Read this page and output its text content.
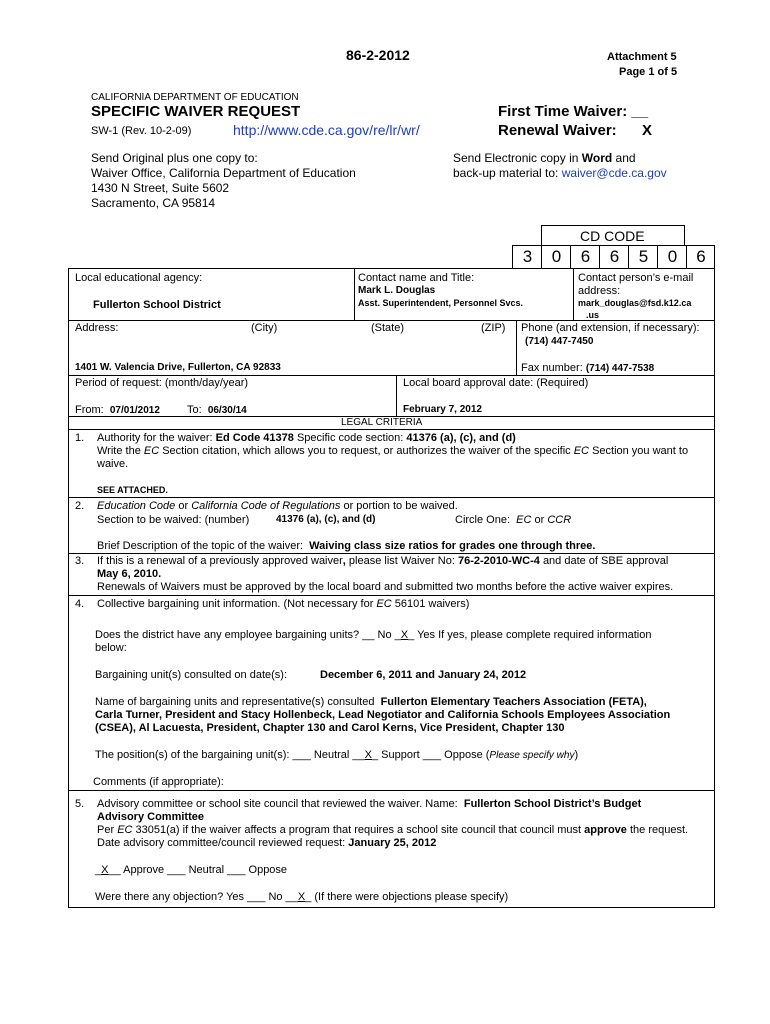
86-2-2012	Attachment 5
Page 1 of 5
CALIFORNIA DEPARTMENT OF EDUCATION
SPECIFIC WAIVER REQUEST
SW-1 (Rev. 10-2-09)	http://www.cde.ca.gov/re/lr/wr/
First Time Waiver: __
Renewal Waiver: X
Send Original plus one copy to:
Waiver Office, California Department of Education
1430 N Street, Suite 5602
Sacramento, CA 95814
Send Electronic copy in Word and
back-up material to: waiver@cde.ca.gov
CD CODE
3	0	6	6	5	0	6
Local educational agency:
Fullerton School District
Contact name and Title:
Mark L. Douglas
Asst. Superintendent, Personnel Svcs.
Contact person’s e-mail
address:
mark_douglas@fsd.k12.ca
.us
Address:	(City)	(State)	(ZIP)
1401 W. Valencia Drive, Fullerton, CA 92833
Phone (and extension, if necessary):
(714) 447-7450
Fax number: (714) 447-7538
Period of request: (month/day/year)
From: 07/01/2012 To: 06/30/14
Local board approval date: (Required)
February 7, 2012
LEGAL CRITERIA
1. Authority for the waiver: Ed Code 41378 Specific code section: 41376 (a), (c), and (d)
Write the EC Section citation, which allows you to request, or authorizes the waiver of the specific EC Section you want to
waive.
SEE ATTACHED.
2. Education Code or California Code of Regulations or portion to be waived.
Section to be waived: (number)	41376 (a), (c), and (d)	Circle One: EC or CCR
Brief Description of the topic of the waiver: Waiving class size ratios for grades one through three.
3. If this is a renewal of a previously approved waiver, please list Waiver No: 76-2-2010-WC-4 and date of SBE approval
May 6, 2010.
Renewals of Waivers must be approved by the local board and submitted two months before the active waiver expires.
4. Collective bargaining unit information. (Not necessary for EC 56101 waivers)
Does the district have any employee bargaining units? __ No _X_ Yes If yes, please complete required information
below:
Bargaining unit(s) consulted on date(s):	December 6, 2011 and January 24, 2012
Name of bargaining units and representative(s) consulted Fullerton Elementary Teachers Association (FETA),
Carla Turner, President and Stacy Hollenbeck, Lead Negotiator and California Schools Employees Association
(CSEA), Al Lacuesta, President, Chapter 130 and Carol Kerns, Vice President, Chapter 130
The position(s) of the bargaining unit(s): ___ Neutral __X_ Support ___ Oppose (Please specify why)
Comments (if appropriate):
5. Advisory committee or school site council that reviewed the waiver. Name: Fullerton School District’s Budget
Advisory Committee
Per EC 33051(a) if the waiver affects a program that requires a school site council that council must approve the request.
Date advisory committee/council reviewed request: January 25, 2012
_X__ Approve ___ Neutral ___ Oppose
Were there any objection? Yes ___ No __X_ (If there were objections please specify)
